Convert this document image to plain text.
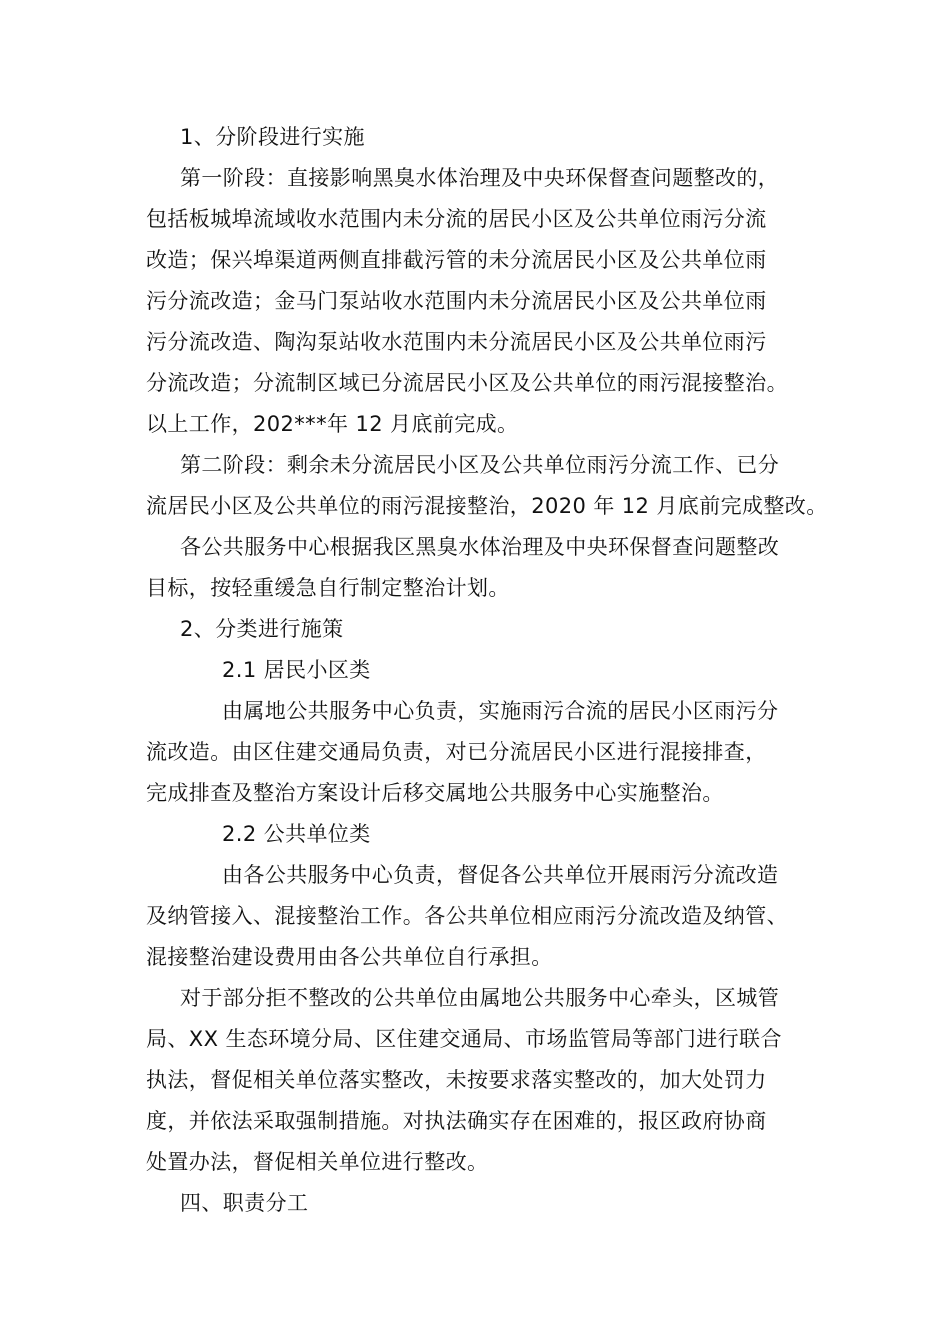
1、分阶段进行实施
第一阶段：直接影响黑臭水体治理及中央环保督查问题整改的，
包括板城埠流域收水范围内未分流的居民小区及公共单位雨污分流
改造；保兴埠渠道两侧直排截污管的未分流居民小区及公共单位雨
污分流改造；金马门泵站收水范围内未分流居民小区及公共单位雨
污分流改造、陶沟泵站收水范围内未分流居民小区及公共单位雨污
分流改造；分流制区域已分流居民小区及公共单位的雨污混接整治。
以上工作，202***年 12 月底前完成。
第二阶段：剩余未分流居民小区及公共单位雨污分流工作、已分
流居民小区及公共单位的雨污混接整治，2020 年 12 月底前完成整改。
各公共服务中心根据我区黑臭水体治理及中央环保督查问题整改
目标，按轻重缓急自行制定整治计划。
2、分类进行施策
2.1 居民小区类
由属地公共服务中心负责，实施雨污合流的居民小区雨污分
流改造。由区住建交通局负责，对已分流居民小区进行混接排查，
完成排查及整治方案设计后移交属地公共服务中心实施整治。
2.2 公共单位类
由各公共服务中心负责，督促各公共单位开展雨污分流改造
及纳管接入、混接整治工作。各公共单位相应雨污分流改造及纳管、
混接整治建设费用由各公共单位自行承担。
对于部分拒不整改的公共单位由属地公共服务中心牵头，区城管
局、XX 生态环境分局、区住建交通局、市场监管局等部门进行联合
执法，督促相关单位落实整改，未按要求落实整改的，加大处罚力
度，并依法采取强制措施。对执法确实存在困难的，报区政府协商
处置办法，督促相关单位进行整改。
四、职责分工
